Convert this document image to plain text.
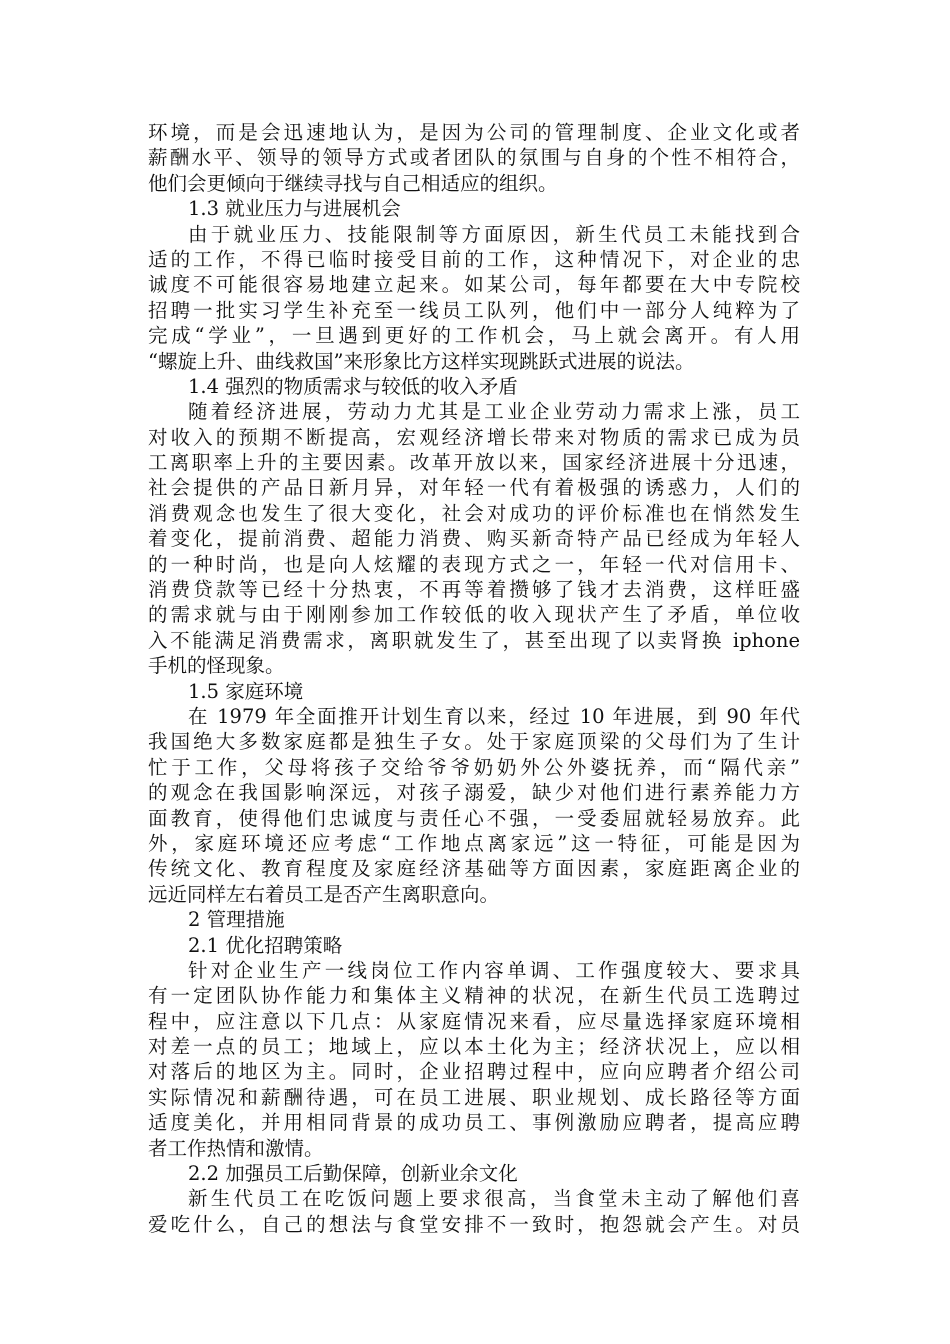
环境，而是会迅速地认为，是因为公司的管理制度、企业文化或者
薪酬水平、领导的领导方式或者团队的氛围与自身的个性不相符合，
他们会更倾向于继续寻找与自己相适应的组织。
1.3 就业压力与进展机会
由于就业压力、技能限制等方面原因，新生代员工未能找到合
适的工作，不得已临时接受目前的工作，这种情况下，对企业的忠
诚度不可能很容易地建立起来。如某公司，每年都要在大中专院校
招聘一批实习学生补充至一线员工队列，他们中一部分人纯粹为了
完成“学业”，一旦遇到更好的工作机会，马上就会离开。有人用
“螺旋上升、曲线救国”来形象比方这样实现跳跃式进展的说法。
1.4 强烈的物质需求与较低的收入矛盾
随着经济进展，劳动力尤其是工业企业劳动力需求上涨，员工
对收入的预期不断提高，宏观经济增长带来对物质的需求已成为员
工离职率上升的主要因素。改革开放以来，国家经济进展十分迅速，
社会提供的产品日新月异，对年轻一代有着极强的诱惑力，人们的
消费观念也发生了很大变化，社会对成功的评价标准也在悄然发生
着变化，提前消费、超能力消费、购买新奇特产品已经成为年轻人
的一种时尚，也是向人炫耀的表现方式之一，年轻一代对信用卡、
消费贷款等已经十分热衷，不再等着攒够了钱才去消费，这样旺盛
的需求就与由于刚刚参加工作较低的收入现状产生了矛盾，单位收
入不能满足消费需求，离职就发生了，甚至出现了以卖肾换 iphone
手机的怪现象。
1.5 家庭环境
在 1979 年全面推开计划生育以来，经过 10 年进展，到 90 年代
我国绝大多数家庭都是独生子女。处于家庭顶梁的父母们为了生计
忙于工作，父母将孩子交给爷爷奶奶外公外婆抚养，而“隔代亲”
的观念在我国影响深远，对孩子溺爱，缺少对他们进行素养能力方
面教育，使得他们忠诚度与责任心不强，一受委屈就轻易放弃。此
外，家庭环境还应考虑“工作地点离家远”这一特征，可能是因为
传统文化、教育程度及家庭经济基础等方面因素，家庭距离企业的
远近同样左右着员工是否产生离职意向。
2 管理措施
2.1 优化招聘策略
针对企业生产一线岗位工作内容单调、工作强度较大、要求具
有一定团队协作能力和集体主义精神的状况，在新生代员工选聘过
程中，应注意以下几点：从家庭情况来看，应尽量选择家庭环境相
对差一点的员工；地域上，应以本土化为主；经济状况上，应以相
对落后的地区为主。同时，企业招聘过程中，应向应聘者介绍公司
实际情况和薪酬待遇，可在员工进展、职业规划、成长路径等方面
适度美化，并用相同背景的成功员工、事例激励应聘者，提高应聘
者工作热情和激情。
2.2 加强员工后勤保障，创新业余文化
新生代员工在吃饭问题上要求很高，当食堂未主动了解他们喜
爱吃什么，自己的想法与食堂安排不一致时，抱怨就会产生。对员
